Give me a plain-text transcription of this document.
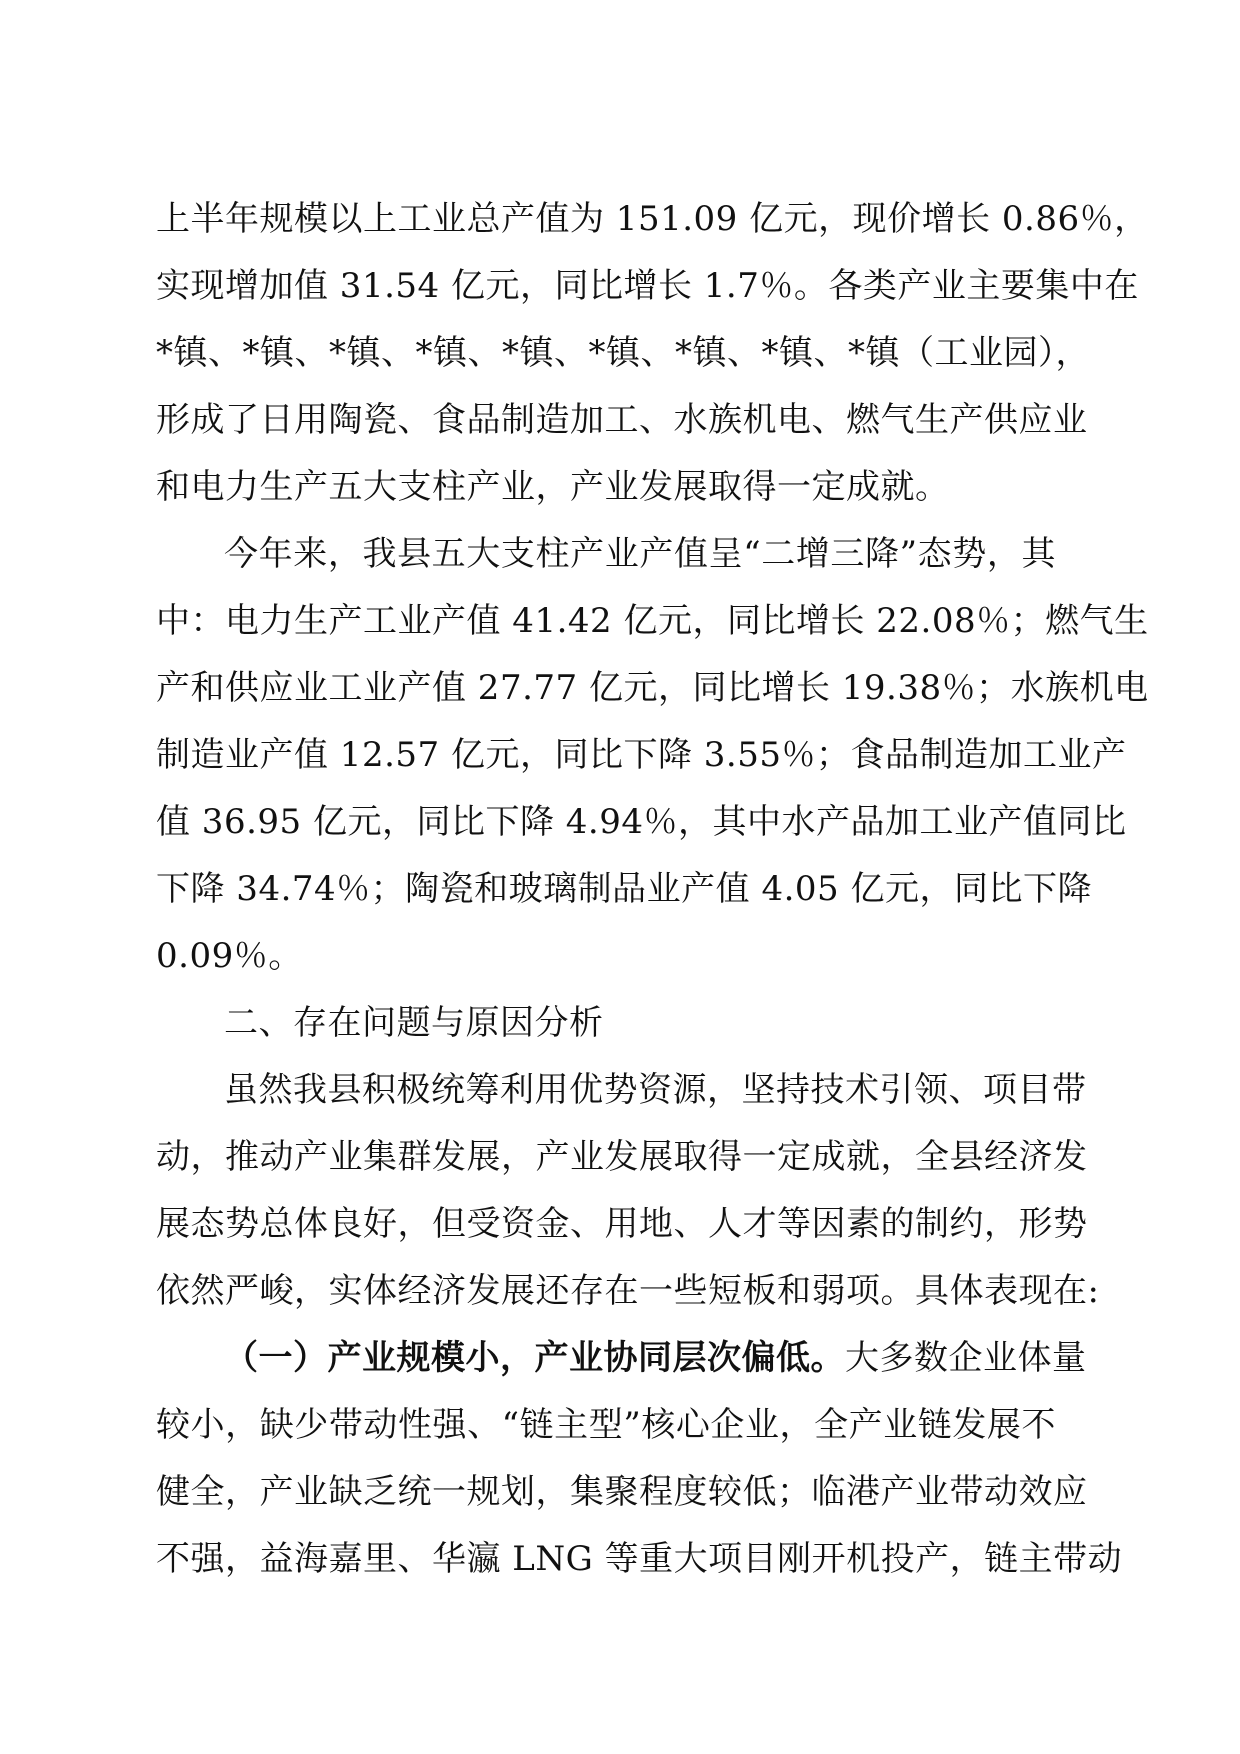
上半年规模以上工业总产值为 151.09 亿元，现价增长 0.86％，
实现增加值 31.54 亿元，同比增长 1.7％。各类产业主要集中在
*镇、*镇、*镇、*镇、*镇、*镇、*镇、*镇、*镇（工业园），
形成了日用陶瓷、食品制造加工、水族机电、燃气生产供应业
和电力生产五大支柱产业，产业发展取得一定成就。
今年来，我县五大支柱产业产值呈“二增三降”态势，其
中：电力生产工业产值 41.42 亿元，同比增长 22.08％；燃气生
产和供应业工业产值 27.77 亿元，同比增长 19.38％；水族机电
制造业产值 12.57 亿元，同比下降 3.55％；食品制造加工业产
值 36.95 亿元，同比下降 4.94％，其中水产品加工业产值同比
下降 34.74％；陶瓷和玻璃制品业产值 4.05 亿元，同比下降
0.09％。
二、存在问题与原因分析
虽然我县积极统筹利用优势资源，坚持技术引领、项目带
动，推动产业集群发展，产业发展取得一定成就，全县经济发
展态势总体良好，但受资金、用地、人才等因素的制约，形势
依然严峻，实体经济发展还存在一些短板和弱项。具体表现在:
（一）产业规模小，产业协同层次偏低。大多数企业体量
较小，缺少带动性强、“链主型”核心企业，全产业链发展不
健全，产业缺乏统一规划，集聚程度较低；临港产业带动效应
不强，益海嘉里、华瀛 LNG 等重大项目刚开机投产，链主带动
